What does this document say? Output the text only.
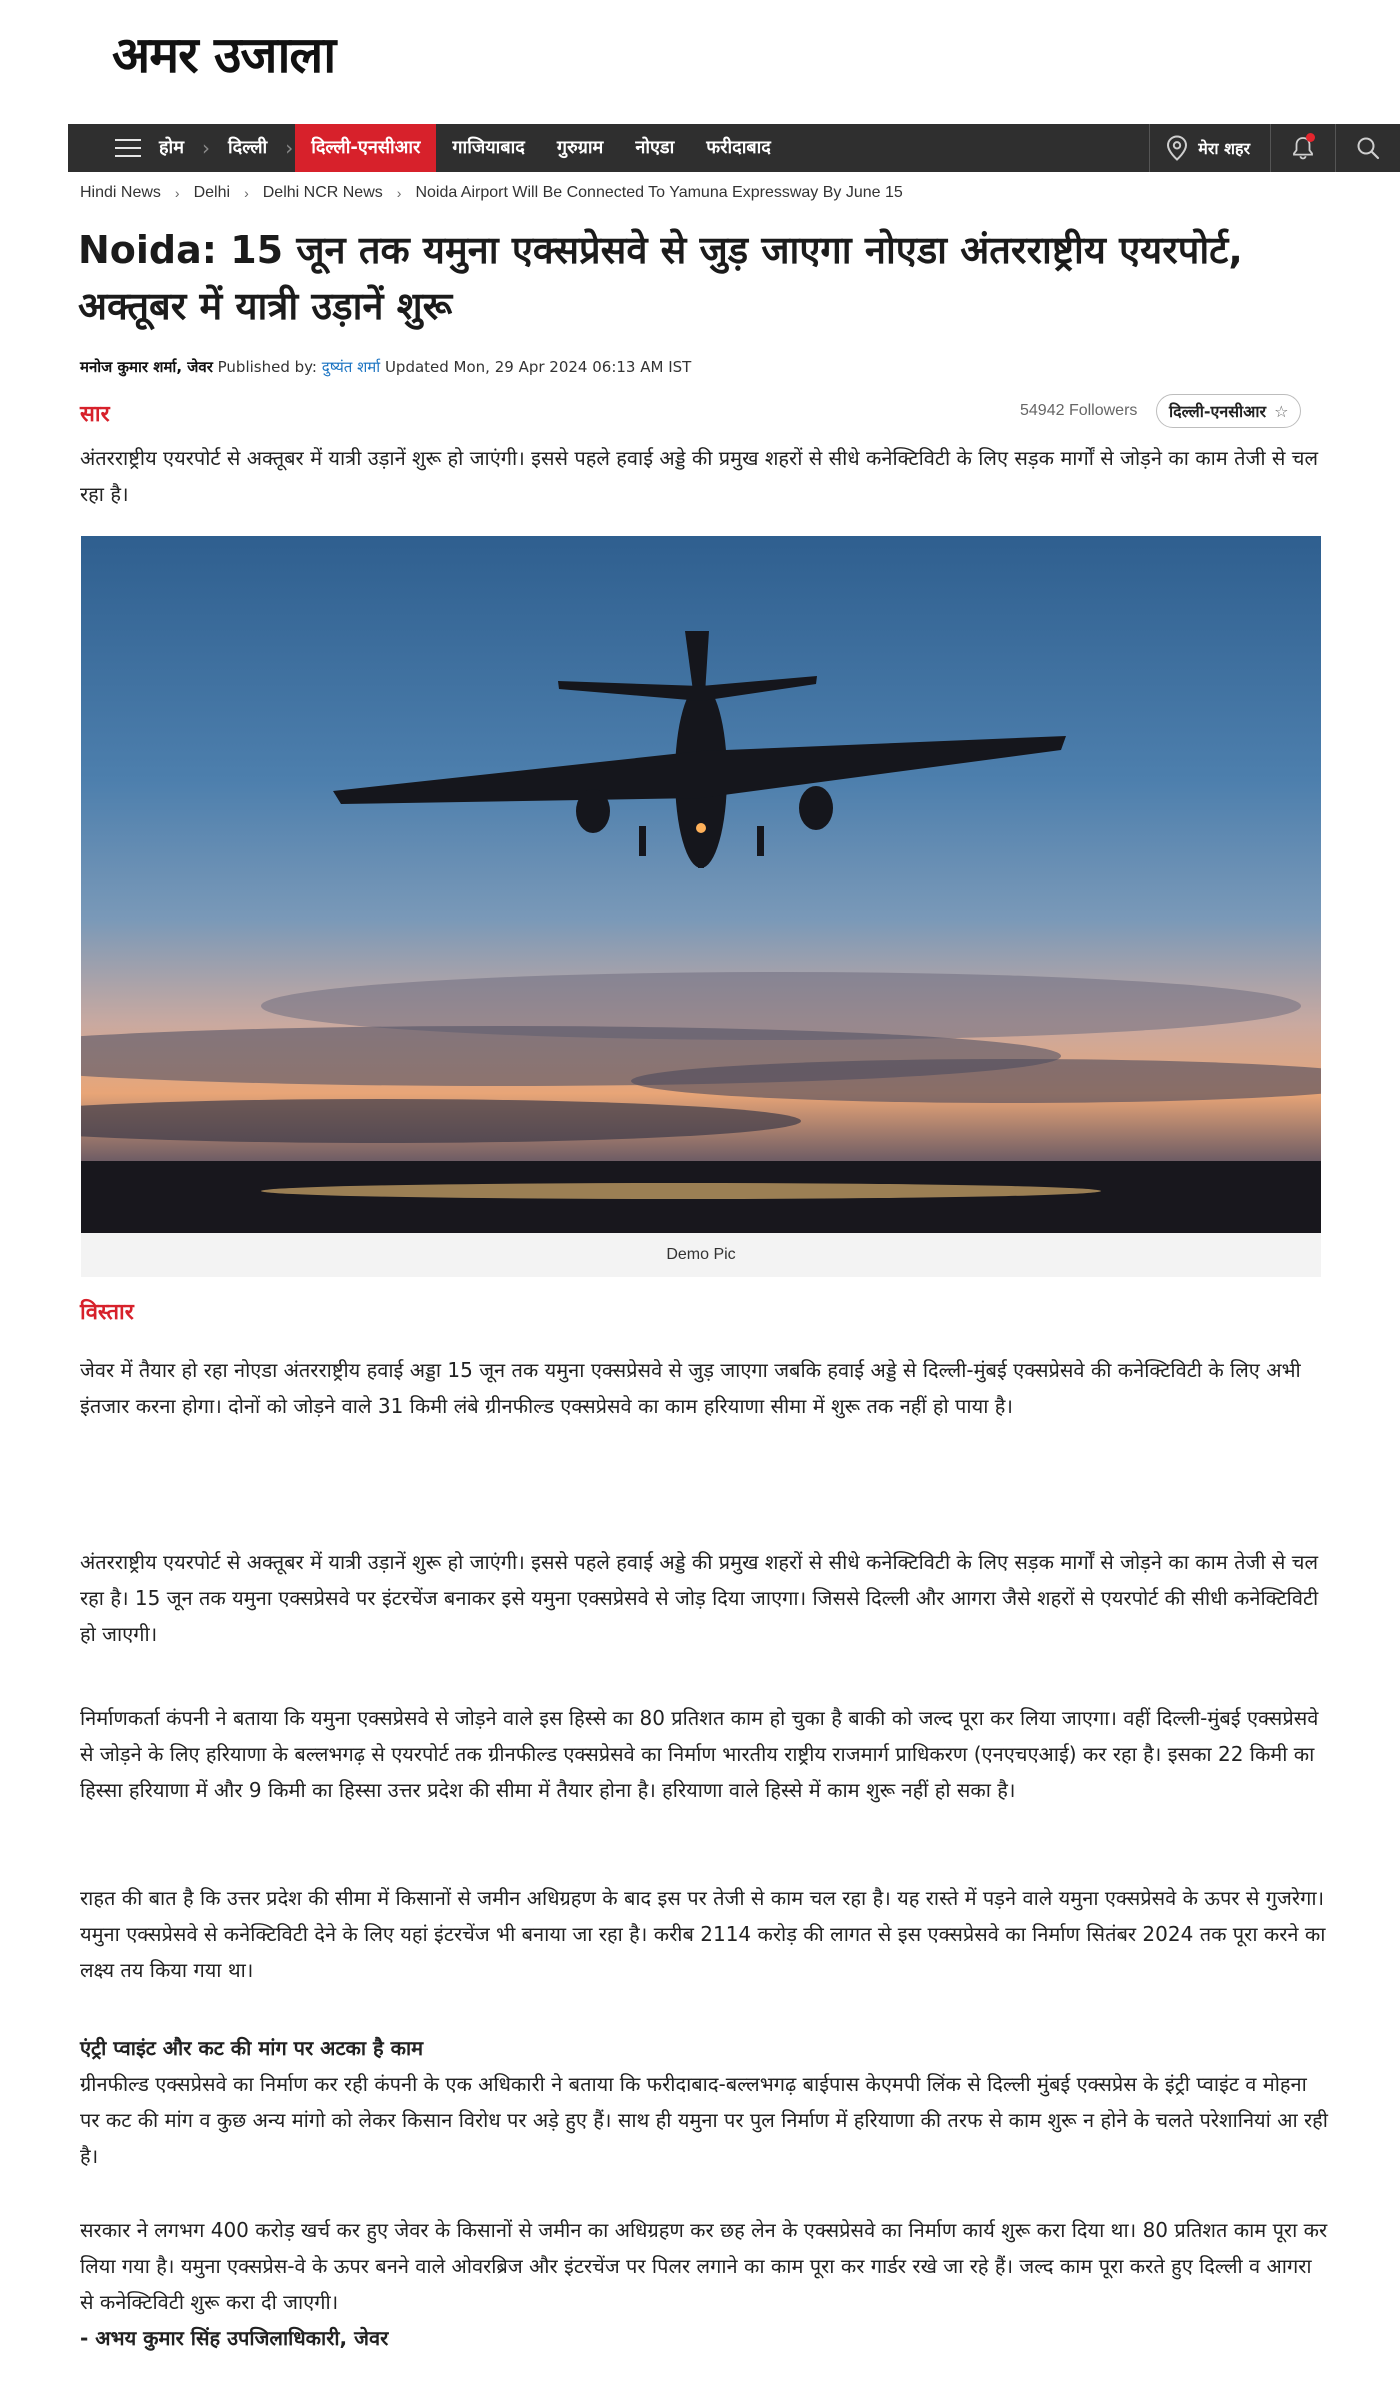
अमर उजाला
होम ›	दिल्ली ›	दिल्ली-एनसीआर	गाजियाबाद	गुरुग्राम	नोएडा	फरीदाबाद	मेरा शहर
Hindi News › Delhi › Delhi NCR News › Noida Airport Will Be Connected To Yamuna Expressway By June 15
Noida: 15 जून तक यमुना एक्सप्रेसवे से जुड़ जाएगा नोएडा अंतरराष्ट्रीय एयरपोर्ट, अक्तूबर में यात्री उड़ानें शुरू
मनोज कुमार शर्मा, जेवर Published by: दुष्यंत शर्मा Updated Mon, 29 Apr 2024 06:13 AM IST
सार	54942 Followers दिल्ली-एनसीआर ☆

अंतरराष्ट्रीय एयरपोर्ट से अक्तूबर में यात्री उड़ानें शुरू हो जाएंगी। इससे पहले हवाई अड्डे की प्रमुख शहरों से सीधे कनेक्टिविटी के लिए सड़क मार्गों से जोड़ने का काम तेजी से चल रहा है।

Demo Pic
विस्तार

जेवर में तैयार हो रहा नोएडा अंतरराष्ट्रीय हवाई अड्डा 15 जून तक यमुना एक्सप्रेसवे से जुड़ जाएगा जबकि हवाई अड्डे से दिल्ली-मुंबई एक्सप्रेसवे की कनेक्टिविटी के लिए अभी इंतजार करना होगा। दोनों को जोड़ने वाले 31 किमी लंबे ग्रीनफील्ड एक्सप्रेसवे का काम हरियाणा सीमा में शुरू तक नहीं हो पाया है।

अंतरराष्ट्रीय एयरपोर्ट से अक्तूबर में यात्री उड़ानें शुरू हो जाएंगी। इससे पहले हवाई अड्डे की प्रमुख शहरों से सीधे कनेक्टिविटी के लिए सड़क मार्गों से जोड़ने का काम तेजी से चल रहा है। 15 जून तक यमुना एक्सप्रेसवे पर इंटरचेंज बनाकर इसे यमुना एक्सप्रेसवे से जोड़ दिया जाएगा। जिससे दिल्ली और आगरा जैसे शहरों से एयरपोर्ट की सीधी कनेक्टिविटी हो जाएगी।

निर्माणकर्ता कंपनी ने बताया कि यमुना एक्सप्रेसवे से जोड़ने वाले इस हिस्से का 80 प्रतिशत काम हो चुका है बाकी को जल्द पूरा कर लिया जाएगा। वहीं दिल्ली-मुंबई एक्सप्रेसवे से जोड़ने के लिए हरियाणा के बल्लभगढ़ से एयरपोर्ट तक ग्रीनफील्ड एक्सप्रेसवे का निर्माण भारतीय राष्ट्रीय राजमार्ग प्राधिकरण (एनएचएआई) कर रहा है। इसका 22 किमी का हिस्सा हरियाणा में और 9 किमी का हिस्सा उत्तर प्रदेश की सीमा में तैयार होना है। हरियाणा वाले हिस्से में काम शुरू नहीं हो सका है।

राहत की बात है कि उत्तर प्रदेश की सीमा में किसानों से जमीन अधिग्रहण के बाद इस पर तेजी से काम चल रहा है। यह रास्ते में पड़ने वाले यमुना एक्सप्रेसवे के ऊपर से गुजरेगा। यमुना एक्सप्रेसवे से कनेक्टिविटी देने के लिए यहां इंटरचेंज भी बनाया जा रहा है। करीब 2114 करोड़ की लागत से इस एक्सप्रेसवे का निर्माण सितंबर 2024 तक पूरा करने का लक्ष्य तय किया गया था।

एंट्री प्वाइंट और कट की मांग पर अटका है काम

ग्रीनफील्ड एक्सप्रेसवे का निर्माण कर रही कंपनी के एक अधिकारी ने बताया कि फरीदाबाद-बल्लभगढ़ बाईपास केएमपी लिंक से दिल्ली मुंबई एक्सप्रेस के इंट्री प्वाइंट व मोहना पर कट की मांग व कुछ अन्य मांगो को लेकर किसान विरोध पर अड़े हुए हैं। साथ ही यमुना पर पुल निर्माण में हरियाणा की तरफ से काम शुरू न होने के चलते परेशानियां आ रही है।

सरकार ने लगभग 400 करोड़ खर्च कर हुए जेवर के किसानों से जमीन का अधिग्रहण कर छह लेन के एक्सप्रेसवे का निर्माण कार्य शुरू करा दिया था। 80 प्रतिशत काम पूरा कर लिया गया है। यमुना एक्सप्रेस-वे के ऊपर बनने वाले ओवरब्रिज और इंटरचेंज पर पिलर लगाने का काम पूरा कर गार्डर रखे जा रहे हैं। जल्द काम पूरा करते हुए दिल्ली व आगरा से कनेक्टिविटी शुरू करा दी जाएगी।

- अभय कुमार सिंह उपजिलाधिकारी, जेवर
